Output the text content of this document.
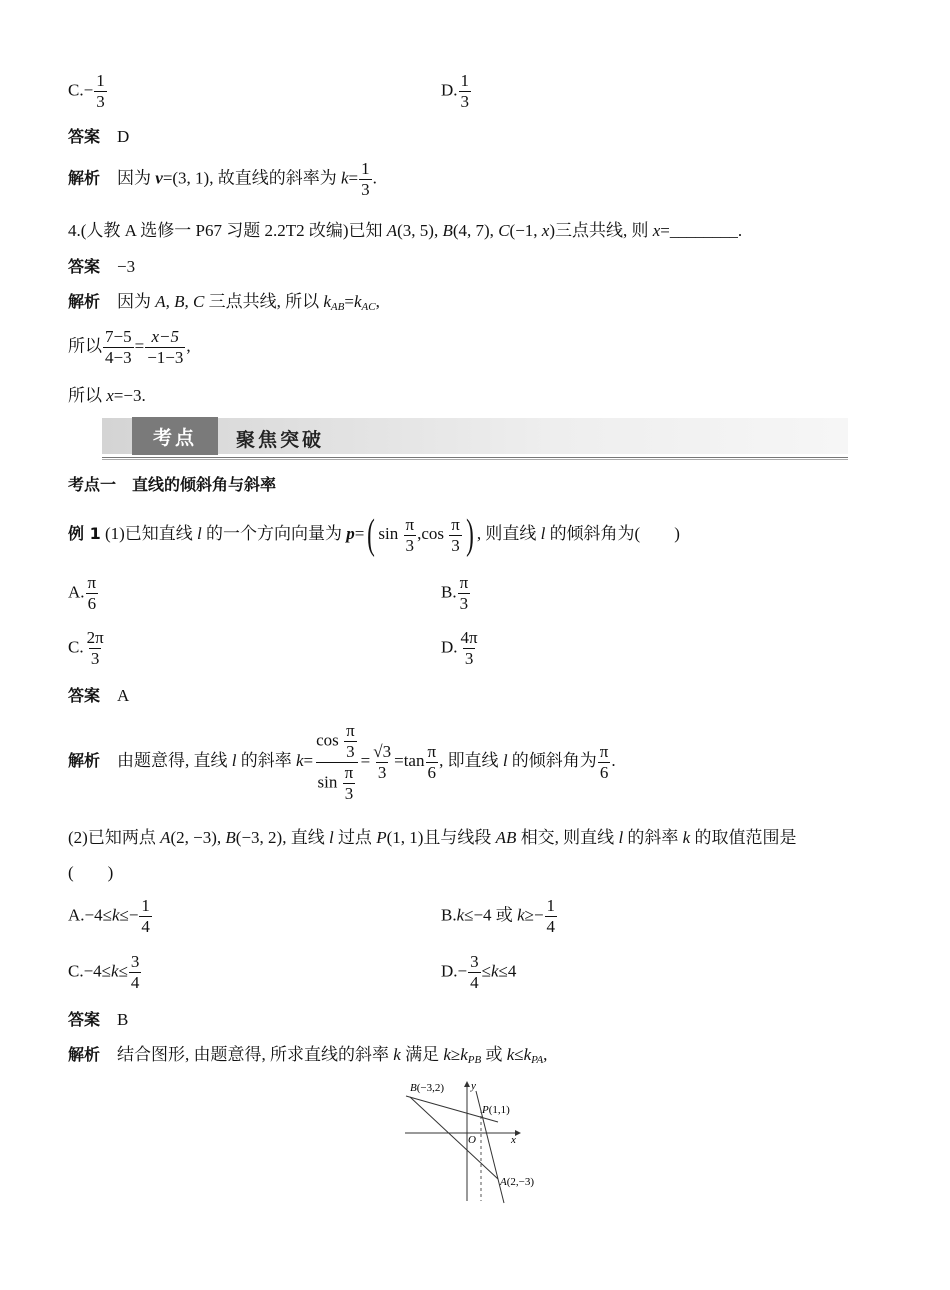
$C.- \frac{1}{3}$	D. $\frac{1}{3}$
答案 D
解析 因为 v=(3, 1), 故直线的斜率为 $k= \frac{1}{3}$ .
4.(人教 A 选修一 P67 习题 2.2T2 改编)已知 A(3, 5), B(4, 7), C(−1, x)三点共线, 则 x=________.
答案 −3
解析 因为 A, B, C 三点共线, 所以 $k_{AB}=k_{AC}$,
所以 $\frac{7-5}{4-3} = \frac{x-5}{-1-3}$ ,
所以 x=−3.
考点	聚焦突破
考点一　直线的倾斜角与斜率
例 1 (1)已知直线 l 的一个方向向量为 p=( $\sin \frac{\pi}{3} ,\cos \frac{\pi}{3}$ ) , 则直线 l 的倾斜角为(　　)
A. $\frac{\pi}{6}$	B. $\frac{\pi}{3}$
C. $\frac{2\pi}{3}$	D. $\frac{4\pi}{3}$
答案 A
解析 由题意得, 直线 l 的斜率 $k= \frac{\cos \frac{\pi}{3}}{\sin \frac{\pi}{3}} = \frac{√3}{3} =\tan \frac{\pi}{6}$ , 即直线 l 的倾斜角为 $\frac{\pi}{6}$ .
(2)已知两点 A(2, −3), B(−3, 2), 直线 l 过点 P(1, 1)且与线段 AB 相交, 则直线 l 的斜率 k 的取值范围是
(　　)
$A.-4\le k\le- \frac{1}{4}$	B.k≤−4 或 $k\ge- \frac{1}{4}$
$C.-4\le k\le \frac{3}{4}$	$D.- \frac{3}{4} \le k\le 4$
答案 B
解析 结合图形, 由题意得, 所求直线的斜率 k 满足 $k\ge k_{PB}$ 或 $k\le k_{PA}$,
B(−3,2)
P(1,1)
A(2,−3)
O	x
y
